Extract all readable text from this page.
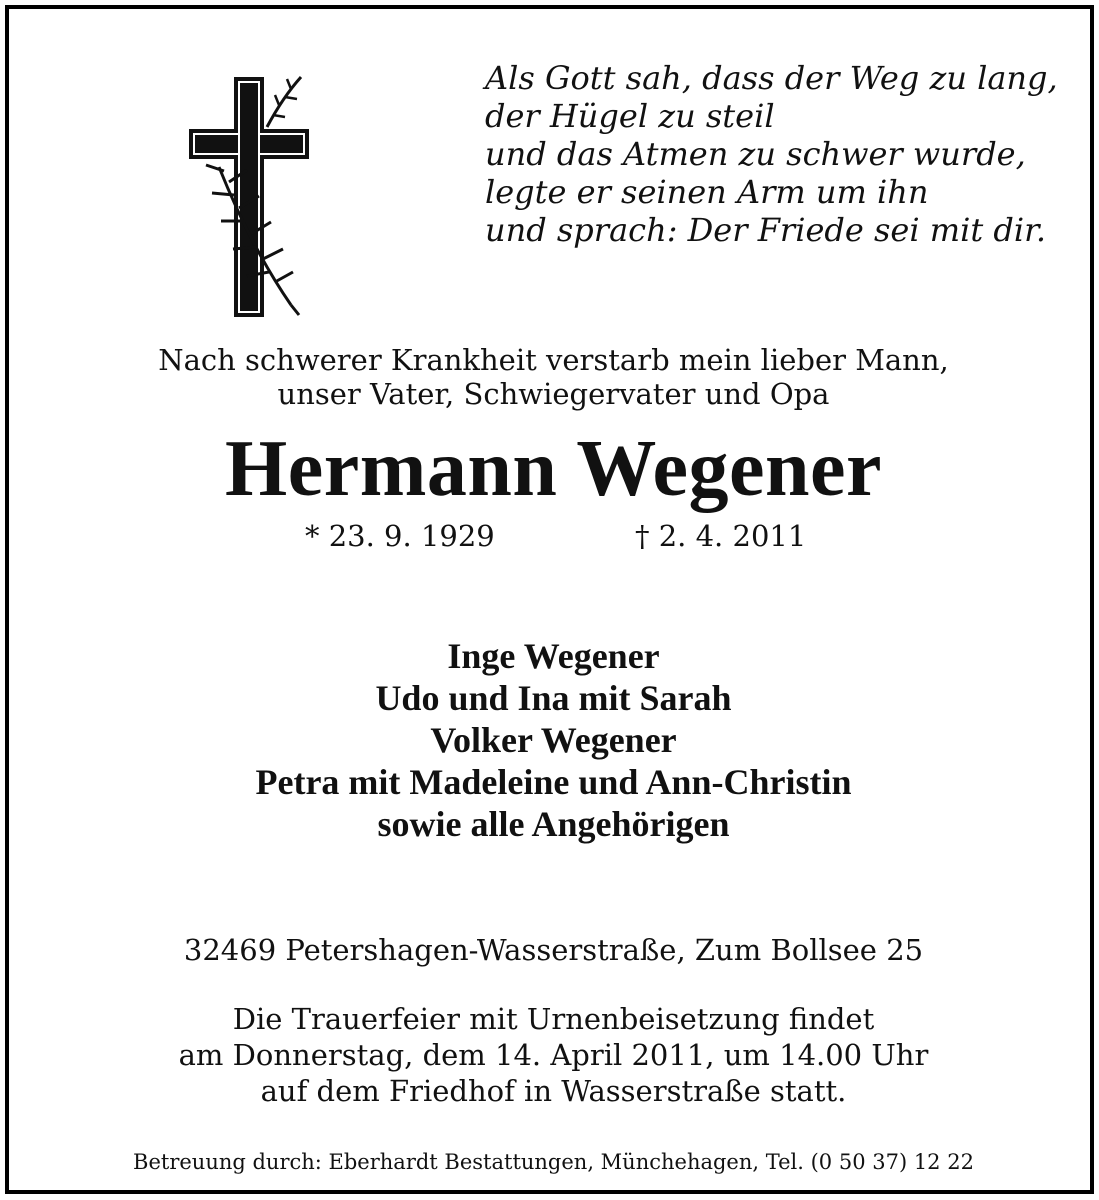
Als Gott sah, dass der Weg zu lang,
der Hügel zu steil
und das Atmen zu schwer wurde,
legte er seinen Arm um ihn
und sprach: Der Friede sei mit dir.
Nach schwerer Krankheit verstarb mein lieber Mann,
unser Vater, Schwiegervater und Opa
Hermann Wegener
* 23. 9. 1929	† 2. 4. 2011
Inge Wegener
Udo und Ina mit Sarah
Volker Wegener
Petra mit Madeleine und Ann-Christin
sowie alle Angehörigen
32469 Petershagen-Wasserstraße, Zum Bollsee 25
Die Trauerfeier mit Urnenbeisetzung findet
am Donnerstag, dem 14. April 2011, um 14.00 Uhr
auf dem Friedhof in Wasserstraße statt.
Betreuung durch: Eberhardt Bestattungen, Münchehagen, Tel. (0 50 37) 12 22
